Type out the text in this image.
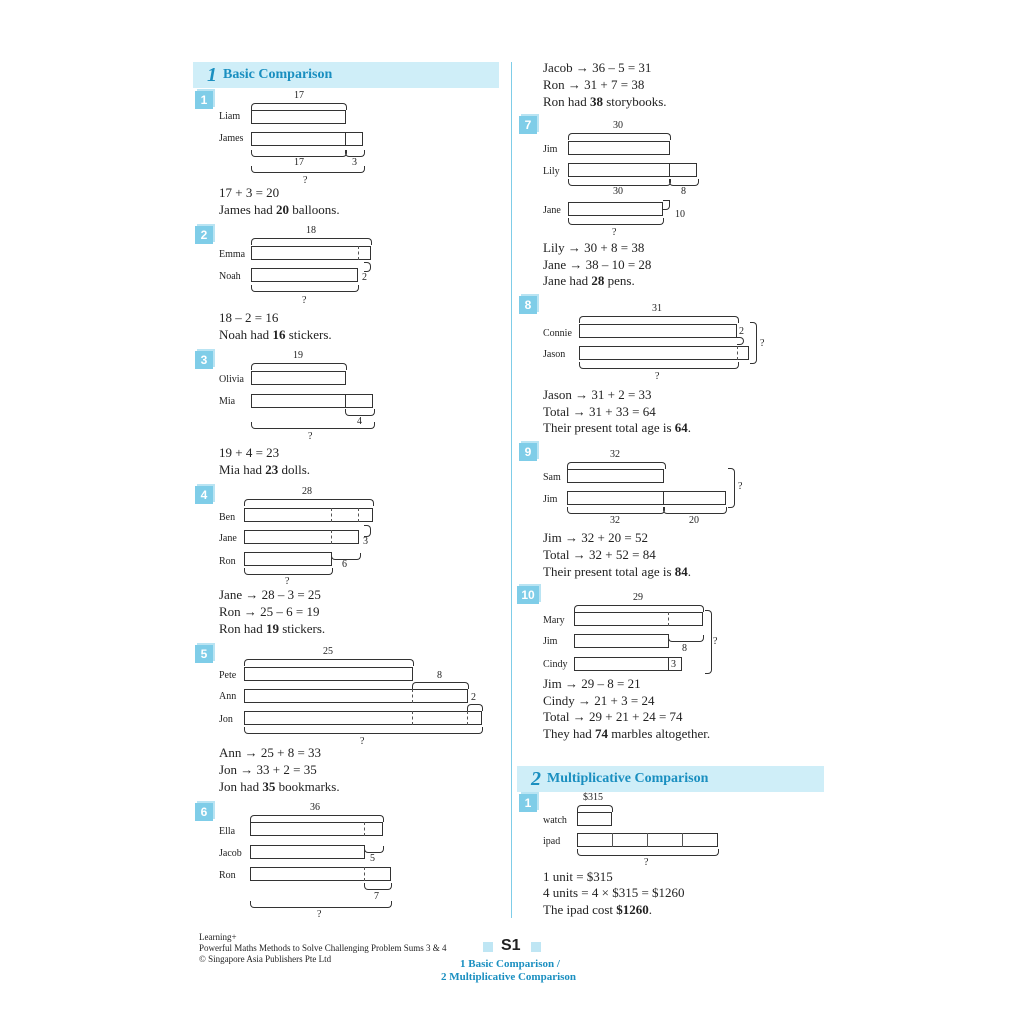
1 Basic Comparison
1	17
Liam
James
17	3
?
17 + 3 = 20
James had 20 balloons.
2	18
Emma
Noah	2
?
18 – 2 = 16
Noah had 16 stickers.
3	19
Olivia
Mia
4
?
19 + 4 = 23
Mia had 23 dolls.
4	28
Ben
Jane	3
Ron	6
?
Jane → 28 – 3 = 25
Ron → 25 – 6 = 19
Ron had 19 stickers.
5	25
Pete	8
Ann	2
Jon
?
Ann → 25 + 8 = 33
Jon → 33 + 2 = 35
Jon had 35 bookmarks.
6	36
Ella
Jacob	5
Ron
7
?
Jacob → 36 – 5 = 31
Ron → 31 + 7 = 38
Ron had 38 storybooks.
7	30
Jim
Lily
30	8
Jane	10
?
Lily → 30 + 8 = 38
Jane → 38 – 10 = 28
Jane had 28 pens.
8	31
Connie	2
Jason
?
?
Jason → 31 + 2 = 33
Total → 31 + 33 = 64
Their present total age is 64.
9	32
Sam
Jim
?
32	20
Jim → 32 + 20 = 52
Total → 32 + 52 = 84
Their present total age is 84.
10	29
Mary
Jim
8
Cindy	3
?
Jim → 29 – 8 = 21
Cindy → 21 + 3 = 24
Total → 29 + 21 + 24 = 74
They had 74 marbles altogether.
2 Multiplicative Comparison
1	$315
watch
ipad
?
1 unit = $315
4 units = 4 × $315 = $1260
The ipad cost $1260.
Learning+
Powerful Maths Methods to Solve Challenging Problem Sums 3 & 4
© Singapore Asia Publishers Pte Ltd
S1
1 Basic Comparison /
2 Multiplicative Comparison
